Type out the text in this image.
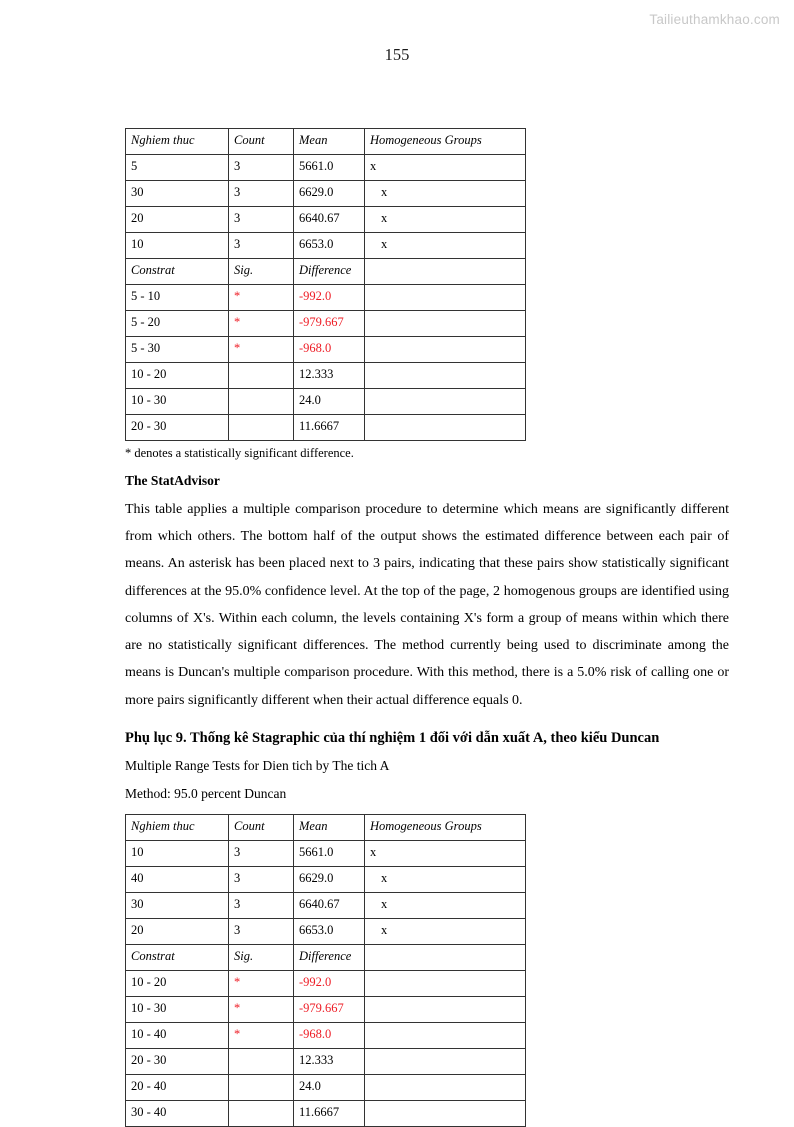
Tailieuthamkhao.com
155
Nghiem thuc	Count	Mean	Homogeneous Groups
5	3	5661.0	x
30	3	6629.0	x
20	3	6640.67	x
10	3	6653.0	x
Constrat	Sig.	Difference	
5 - 10	*	-992.0	
5 - 20	*	-979.667	
5 - 30	*	-968.0	
10 - 20		12.333	
10 - 30		24.0	
20 - 30		11.6667	

* denotes a statistically significant difference.

The StatAdvisor

This table applies a multiple comparison procedure to determine which means are significantly different from which others. The bottom half of the output shows the estimated difference between each pair of means. An asterisk has been placed next to 3 pairs, indicating that these pairs show statistically significant differences at the 95.0% confidence level. At the top of the page, 2 homogenous groups are identified using columns of X's. Within each column, the levels containing X's form a group of means within which there are no statistically significant differences. The method currently being used to discriminate among the means is Duncan's multiple comparison procedure. With this method, there is a 5.0% risk of calling one or more pairs significantly different when their actual difference equals 0.

Phụ lục 9. Thống kê Stagraphic của thí nghiệm 1 đối với dẫn xuất A, theo kiểu Duncan

Multiple Range Tests for Dien tich by The tich A

Method: 95.0 percent Duncan

Nghiem thuc	Count	Mean	Homogeneous Groups
10	3	5661.0	x
40	3	6629.0	x
30	3	6640.67	x
20	3	6653.0	x
Constrat	Sig.	Difference	
10 - 20	*	-992.0	
10 - 30	*	-979.667	
10 - 40	*	-968.0	
20 - 30		12.333	
20 - 40		24.0	
30 - 40		11.6667	
